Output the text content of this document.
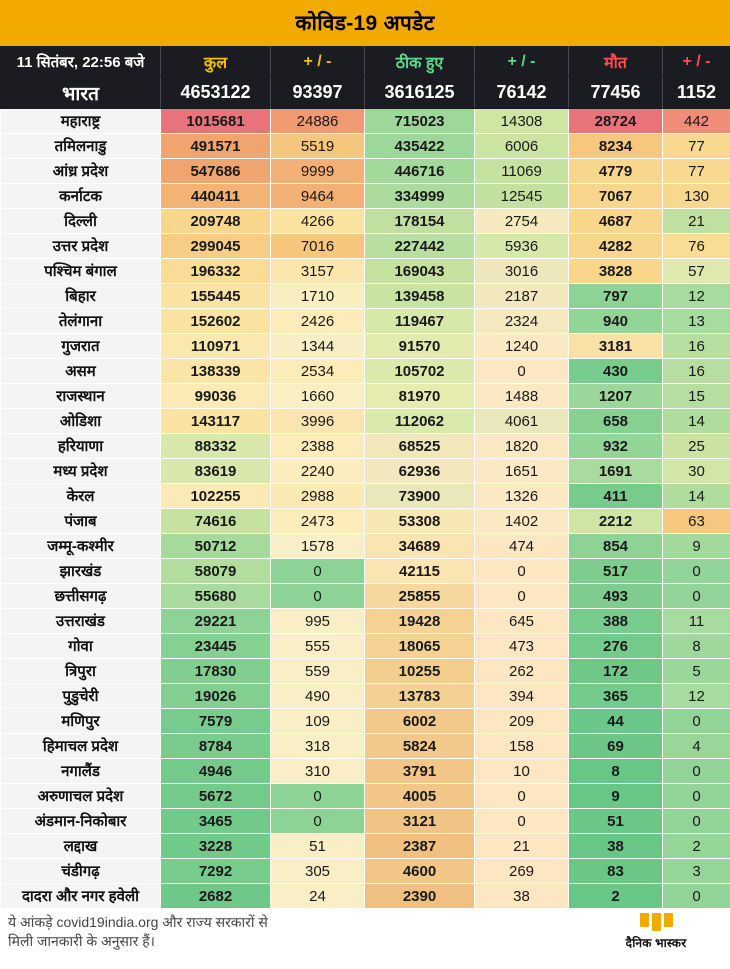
कोविड-19 अपडेट
11 सितंबर, 22:56 बजे	कुल	+ / -	ठीक हुए	+ / -	मौत	+ / -
भारत	4653122	93397	3616125	76142	77456	1152
महाराष्ट्र	1015681	24886	715023	14308	28724	442
तमिलनाडु	491571	5519	435422	6006	8234	77
आंध्र प्रदेश	547686	9999	446716	11069	4779	77
कर्नाटक	440411	9464	334999	12545	7067	130
दिल्ली	209748	4266	178154	2754	4687	21
उत्तर प्रदेश	299045	7016	227442	5936	4282	76
पश्चिम बंगाल	196332	3157	169043	3016	3828	57
बिहार	155445	1710	139458	2187	797	12
तेलंगाना	152602	2426	119467	2324	940	13
गुजरात	110971	1344	91570	1240	3181	16
असम	138339	2534	105702	0	430	16
राजस्थान	99036	1660	81970	1488	1207	15
ओडिशा	143117	3996	112062	4061	658	14
हरियाणा	88332	2388	68525	1820	932	25
मध्य प्रदेश	83619	2240	62936	1651	1691	30
केरल	102255	2988	73900	1326	411	14
पंजाब	74616	2473	53308	1402	2212	63
जम्मू-कश्मीर	50712	1578	34689	474	854	9
झारखंड	58079	0	42115	0	517	0
छत्तीसगढ़	55680	0	25855	0	493	0
उत्तराखंड	29221	995	19428	645	388	11
गोवा	23445	555	18065	473	276	8
त्रिपुरा	17830	559	10255	262	172	5
पुडुचेरी	19026	490	13783	394	365	12
मणिपुर	7579	109	6002	209	44	0
हिमाचल प्रदेश	8784	318	5824	158	69	4
नगालैंड	4946	310	3791	10	8	0
अरुणाचल प्रदेश	5672	0	4005	0	9	0
अंडमान-निकोबार	3465	0	3121	0	51	0
लद्दाख	3228	51	2387	21	38	2
चंडीगढ़	7292	305	4600	269	83	3
दादरा और नगर हवेली	2682	24	2390	38	2	0
ये आंकड़े covid19india.org और राज्य सरकारों से
मिली जानकारी के अनुसार हैं।	दैनिक भास्कर
